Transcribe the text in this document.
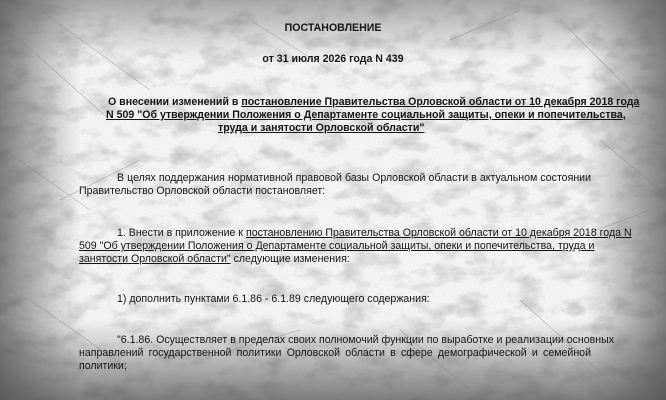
ПОСТАНОВЛЕНИЕ

от 31 июля 2026 года N 439

О внесении изменений в постановление Правительства Орловской области от 10 декабря 2018 года

N 509 "Об утверждении Положения о Департаменте социальной защиты, опеки и попечительства,

труда и занятости Орловской области"

В целях поддержания нормативной правовой базы Орловской области в актуальном состоянии

Правительство Орловской области постановляет:

1. Внести в приложение к постановлению Правительства Орловской области от 10 декабря 2018 года N

509 "Об утверждении Положения о Департаменте социальной защиты, опеки и попечительства, труда и

занятости Орловской области" следующие изменения:

1) дополнить пунктами 6.1.86 - 6.1.89 следующего содержания:

"6.1.86. Осуществляет в пределах своих полномочий функции по выработке и реализации основных

направлений государственной политики Орловской области в сфере демографической и семейной

политики;
